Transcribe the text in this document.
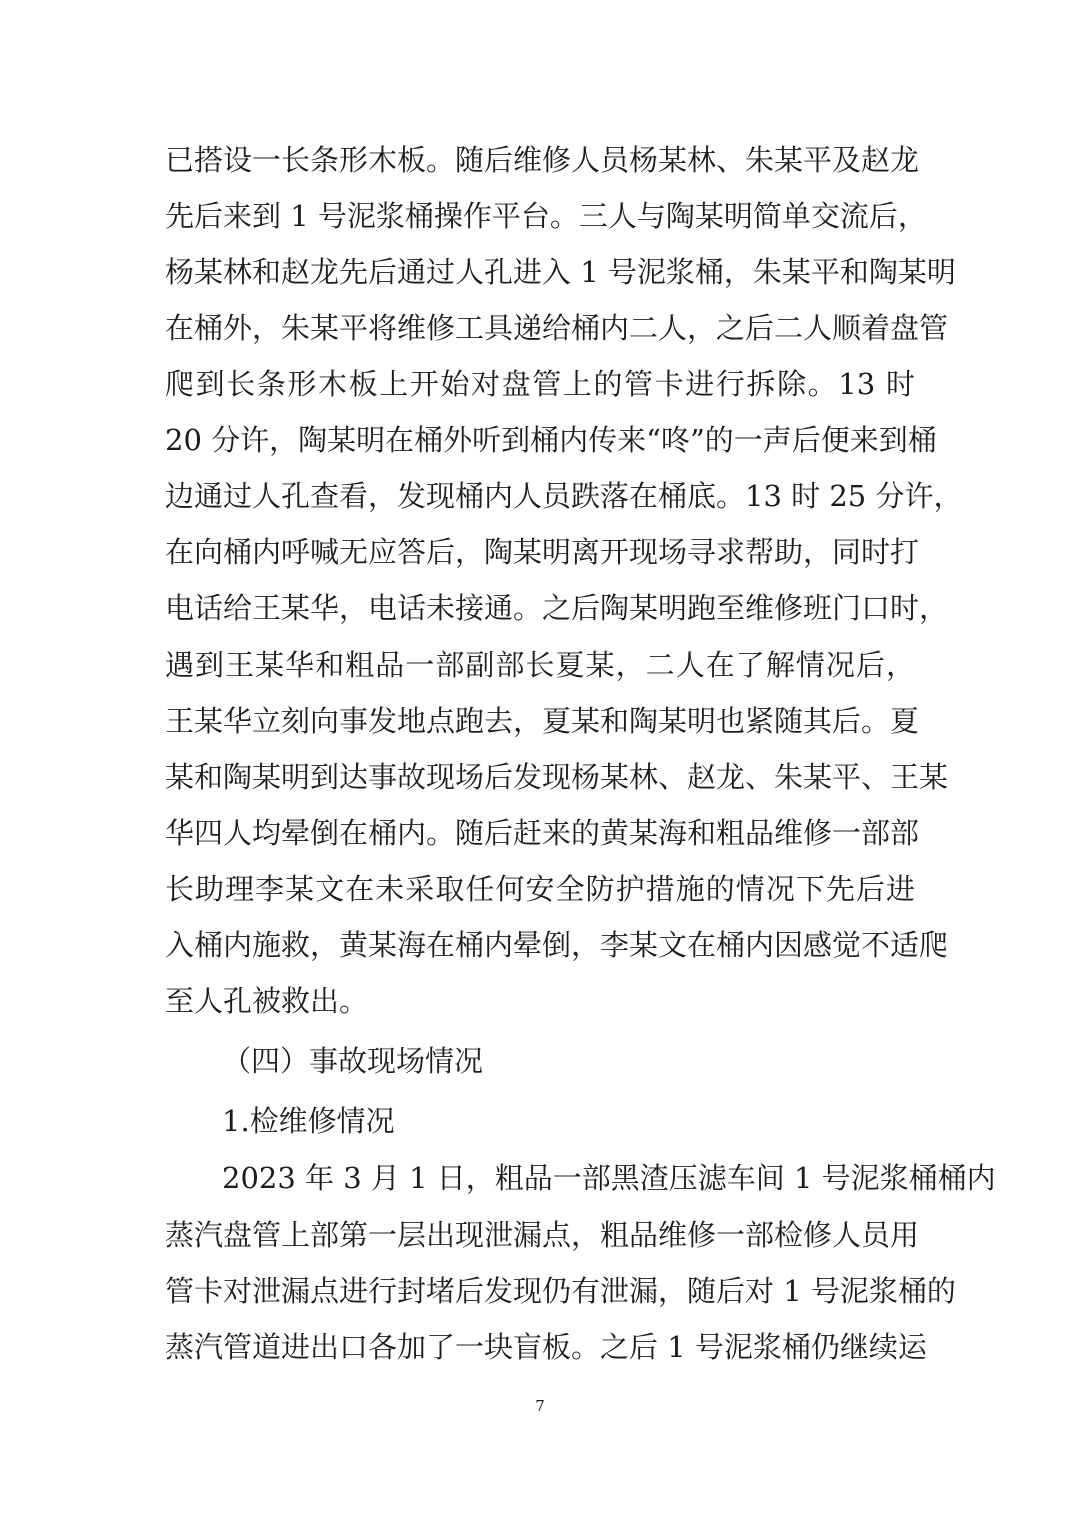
已搭设一长条形木板。随后维修人员杨某林、朱某平及赵龙
先后来到 1 号泥浆桶操作平台。三人与陶某明简单交流后，
杨某林和赵龙先后通过人孔进入 1 号泥浆桶，朱某平和陶某明
在桶外，朱某平将维修工具递给桶内二人，之后二人顺着盘管
爬到长条形木板上开始对盘管上的管卡进行拆除。13 时
20 分许，陶某明在桶外听到桶内传来“咚”的一声后便来到桶
边通过人孔查看，发现桶内人员跌落在桶底。13 时 25 分许，
在向桶内呼喊无应答后，陶某明离开现场寻求帮助，同时打
电话给王某华，电话未接通。之后陶某明跑至维修班门口时，
遇到王某华和粗品一部副部长夏某，二人在了解情况后，
王某华立刻向事发地点跑去，夏某和陶某明也紧随其后。夏
某和陶某明到达事故现场后发现杨某林、赵龙、朱某平、王某
华四人均晕倒在桶内。随后赶来的黄某海和粗品维修一部部
长助理李某文在未采取任何安全防护措施的情况下先后进
入桶内施救，黄某海在桶内晕倒，李某文在桶内因感觉不适爬
至人孔被救出。
（四）事故现场情况
1.检维修情况
2023 年 3 月 1 日，粗品一部黑渣压滤车间 1 号泥浆桶桶内
蒸汽盘管上部第一层出现泄漏点，粗品维修一部检修人员用
管卡对泄漏点进行封堵后发现仍有泄漏，随后对 1 号泥浆桶的
蒸汽管道进出口各加了一块盲板。之后 1 号泥浆桶仍继续运
7
